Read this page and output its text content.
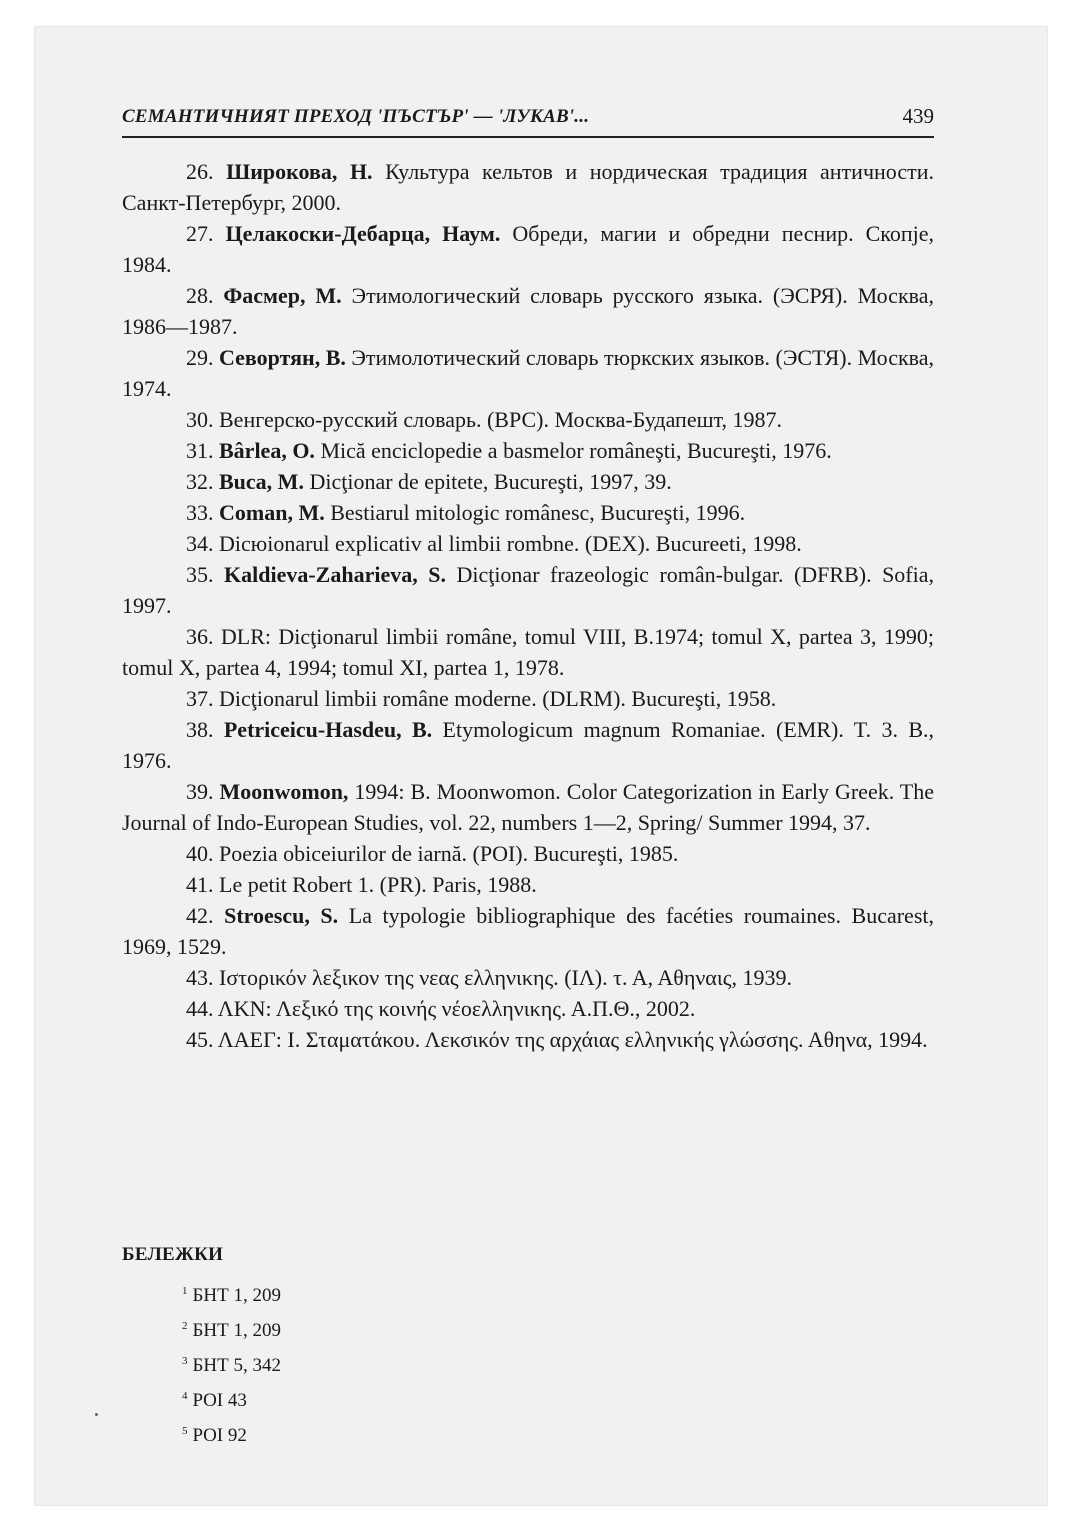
СЕМАНТИЧНИЯТ ПРЕХОД 'ПЪСТЪР' — 'ЛУКАВ'...	439
26. Широкова, Н. Культура кельтов и нордическая традиция античности. Санкт-Петербург, 2000.
27. Целакоски-Дебарца, Наум. Обреди, магии и обредни песнир. Скопје, 1984.
28. Фасмер, М. Этимологический словарь русского языка. (ЭСРЯ). Москва, 1986—1987.
29. Севортян, В. Этимолотический словарь тюркских языков. (ЭСТЯ). Москва, 1974.
30. Венгерско-русский словарь. (ВРС). Москва-Будапешт, 1987.
31. Bârlea, O. Mică enciclopedie a basmelor româneşti, Bucureşti, 1976.
32. Buca, M. Dicţionar de epitete, Bucureşti, 1997, 39.
33. Coman, M. Bestiarul mitologic românesc, Bucureşti, 1996.
34. Dicюionarul explicativ al limbii rombne. (DEX). Bucureeti, 1998.
35. Kaldieva-Zaharieva, S. Dicţionar frazeologic român-bulgar. (DFRB). Sofia, 1997.
36. DLR: Dicţionarul limbii române, tomul VIII, B.1974; tomul X, partea 3, 1990; tomul X, partea 4, 1994; tomul XI, partea 1, 1978.
37. Dicţionarul limbii române moderne. (DLRM). Bucureşti, 1958.
38. Petriceicu-Hasdeu, B. Etymologicum magnum Romaniae. (EMR). T. 3. B., 1976.
39. Moonwomon, 1994: B. Moonwomon. Color Categorization in Early Greek. The Journal of Indo-European Studies, vol. 22, numbers 1—2, Spring/ Summer 1994, 37.
40. Poezia obiceiurilor de iarnă. (POI). Bucureşti, 1985.
41. Le petit Robert 1. (PR). Paris, 1988.
42. Stroescu, S. La typologie bibliographique des facéties roumaines. Bucarest, 1969, 1529.
43. Ιστορικόν λεξικον της νεας ελληνικης. (ΙΛ). τ. Α, Αθηναις, 1939.
44. ΛΚΝ: Λεξικό της κοινής νέοελληνικης. Α.Π.Θ., 2002.
45. ΛΑΕΓ: Ι. Σταματάκου. Λεκσικόν της αρχάιας ελληνικής γλώσσης. Αθηνα, 1994.
БЕЛЕЖКИ
$^1$ БНТ 1, 209
$^2$ БНТ 1, 209
$^3$ БНТ 5, 342
$^4$ POI 43
$^5$ POI 92
